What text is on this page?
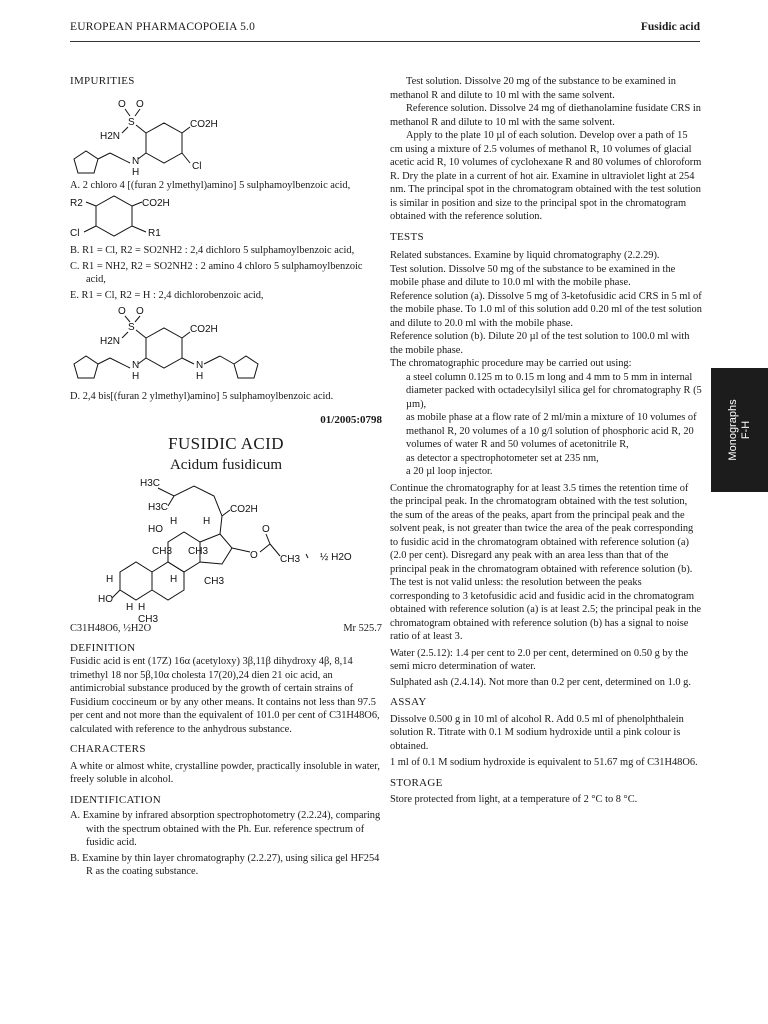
EUROPEAN PHARMACOPOEIA 5.0	Fusidic acid
Monographs F-H

IMPURITIES

O O
S
H2N
CO2H
N
H
Cl

A. 2 chloro 4 [(furan 2 ylmethyl)amino] 5 sulphamoylbenzoic acid,

R2	CO2H
Cl	R1

B. R1 = Cl, R2 = SO2NH2 : 2,4 dichloro 5 sulphamoylbenzoic acid,

C. R1 = NH2, R2 = SO2NH2 : 2 amino 4 chloro 5 sulphamoylbenzoic acid,

E. R1 = Cl, R2 = H : 2,4 dichlorobenzoic acid,

O O
S
H2N
CO2H
N
H
N
H

D. 2,4 bis[(furan 2 ylmethyl)amino] 5 sulphamoylbenzoic acid.

01/2005:0798

FUSIDIC ACID

Acidum fusidicum

H3C
H3C	CO2H
HO
H	H
O
CH3 CH3
CH3
O
CH3
H	H
HO
H H
CH3
½ H2O
C31H48O6, ½H2O	Mr 525.7

DEFINITION

Fusidic acid is ent (17Z) 16α (acetyloxy) 3β,11β dihydroxy 4β, 8,14 trimethyl 18 nor 5β,10α cholesta 17(20),24 dien 21 oic acid, an antimicrobial substance produced by the growth of certain strains of Fusidium coccineum or by any other means. It contains not less than 97.5 per cent and not more than the equivalent of 101.0 per cent of C31H48O6, calculated with reference to the anhydrous substance.

CHARACTERS

A white or almost white, crystalline powder, practically insoluble in water, freely soluble in alcohol.

IDENTIFICATION

A. Examine by infrared absorption spectrophotometry (2.2.24), comparing with the spectrum obtained with the Ph. Eur. reference spectrum of fusidic acid.

B. Examine by thin layer chromatography (2.2.27), using silica gel HF254 R as the coating substance.

Test solution. Dissolve 20 mg of the substance to be examined in methanol R and dilute to 10 ml with the same solvent.

Reference solution. Dissolve 24 mg of diethanolamine fusidate CRS in methanol R and dilute to 10 ml with the same solvent.

Apply to the plate 10 µl of each solution. Develop over a path of 15 cm using a mixture of 2.5 volumes of methanol R, 10 volumes of glacial acetic acid R, 10 volumes of cyclohexane R and 80 volumes of chloroform R. Dry the plate in a current of hot air. Examine in ultraviolet light at 254 nm. The principal spot in the chromatogram obtained with the test solution is similar in position and size to the principal spot in the chromatogram obtained with the reference solution.

TESTS

Related substances. Examine by liquid chromatography (2.2.29).

Test solution. Dissolve 50 mg of the substance to be examined in the mobile phase and dilute to 10.0 ml with the mobile phase.

Reference solution (a). Dissolve 5 mg of 3-ketofusidic acid CRS in 5 ml of the mobile phase. To 1.0 ml of this solution add 0.20 ml of the test solution and dilute to 20.0 ml with the mobile phase.

Reference solution (b). Dilute 20 µl of the test solution to 100.0 ml with the mobile phase.

The chromatographic procedure may be carried out using:

a steel column 0.125 m to 0.15 m long and 4 mm to 5 mm in internal diameter packed with octadecylsilyl silica gel for chromatography R (5 µm),

as mobile phase at a flow rate of 2 ml/min a mixture of 10 volumes of methanol R, 20 volumes of a 10 g/l solution of phosphoric acid R, 20 volumes of water R and 50 volumes of acetonitrile R,

as detector a spectrophotometer set at 235 nm,

a 20 µl loop injector.

Continue the chromatography for at least 3.5 times the retention time of the principal peak. In the chromatogram obtained with the test solution, the sum of the areas of the peaks, apart from the principal peak and the solvent peak, is not greater than twice the area of the peak corresponding to fusidic acid in the chromatogram obtained with reference solution (a) (2.0 per cent). Disregard any peak with an area less than that of the principal peak in the chromatogram obtained with reference solution (b). The test is not valid unless: the resolution between the peaks corresponding to 3 ketofusidic acid and fusidic acid in the chromatogram obtained with reference solution (a) is at least 2.5; the principal peak in the chromatogram obtained with reference solution (b) has a signal to noise ratio of at least 3.

Water (2.5.12): 1.4 per cent to 2.0 per cent, determined on 0.50 g by the semi micro determination of water.

Sulphated ash (2.4.14). Not more than 0.2 per cent, determined on 1.0 g.

ASSAY

Dissolve 0.500 g in 10 ml of alcohol R. Add 0.5 ml of phenolphthalein solution R. Titrate with 0.1 M sodium hydroxide until a pink colour is obtained.

1 ml of 0.1 M sodium hydroxide is equivalent to 51.67 mg of C31H48O6.

STORAGE

Store protected from light, at a temperature of 2 °C to 8 °C.
